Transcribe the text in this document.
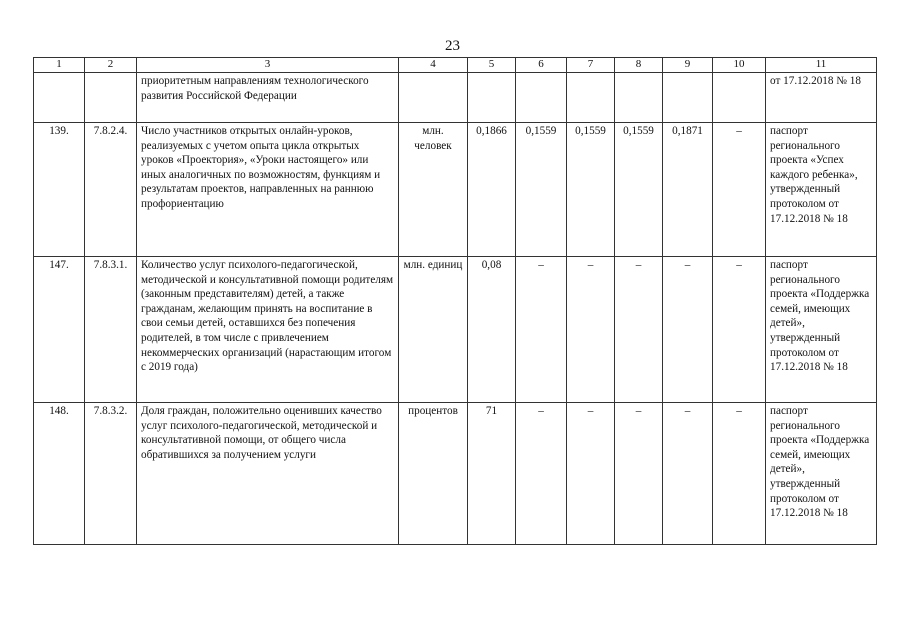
23
1	2	3	4	5	6	7	8	9	10	11
		приоритетным направлениям технологического развития Российской Федерации								от 17.12.2018 № 18
139.	7.8.2.4.	Число участников открытых онлайн-уроков, реализуемых с учетом опыта цикла открытых уроков «Проектория», «Уроки настоящего» или иных аналогичных по возможностям, функциям и результатам проектов, направленных на раннюю профориентацию	млн. человек	0,1866	0,1559	0,1559	0,1559	0,1871	–	паспорт регионального проекта «Успех каждого ребенка», утвержденный протоколом от 17.12.2018 № 18
147.	7.8.3.1.	Количество услуг психолого-педагогической, методической и консультативной помощи родителям (законным представителям) детей, а также гражданам, желающим принять на воспитание в свои семьи детей, оставшихся без попечения родителей, в том числе с привлечением некоммерческих организаций (нарастающим итогом с 2019 года)	млн. единиц	0,08	–	–	–	–	–	паспорт регионального проекта «Поддержка семей, имеющих детей», утвержденный протоколом от 17.12.2018 № 18
148.	7.8.3.2.	Доля граждан, положительно оценивших качество услуг психолого-педагогической, методической и консультативной помощи, от общего числа обратившихся за получением услуги	процентов	71	–	–	–	–	–	паспорт регионального проекта «Поддержка семей, имеющих детей», утвержденный протоколом от 17.12.2018 № 18
